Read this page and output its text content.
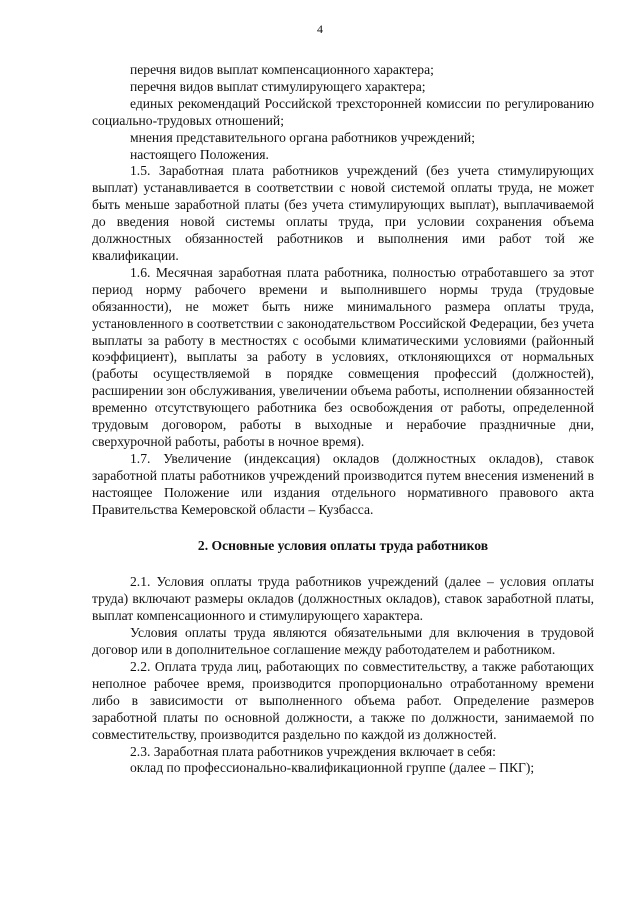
4

перечня видов выплат компенсационного характера;

перечня видов выплат стимулирующего характера;

единых рекомендаций Российской трехсторонней комиссии по регулированию социально-трудовых отношений;

мнения представительного органа работников учреждений;

настоящего Положения.

1.5. Заработная плата работников учреждений (без учета стимулирующих выплат) устанавливается в соответствии с новой системой оплаты труда, не может быть меньше заработной платы (без учета стимулирующих выплат), выплачиваемой до введения новой системы оплаты труда, при условии сохранения объема должностных обязанностей работников и выполнения ими работ той же квалификации.

1.6. Месячная заработная плата работника, полностью отработавшего за этот период норму рабочего времени и выполнившего нормы труда (трудовые обязанности), не может быть ниже минимального размера оплаты труда, установленного в соответствии с законодательством Российской Федерации, без учета выплаты за работу в местностях с особыми климатическими условиями (районный коэффициент), выплаты за работу в условиях, отклоняющихся от нормальных (работы осуществляемой в порядке совмещения профессий (должностей), расширении зон обслуживания, увеличении объема работы, исполнении обязанностей временно отсутствующего работника без освобождения от работы, определенной трудовым договором, работы в выходные и нерабочие праздничные дни, сверхурочной работы, работы в ночное время).

1.7. Увеличение (индексация) окладов (должностных окладов), ставок заработной платы работников учреждений производится путем внесения изменений в настоящее Положение или издания отдельного нормативного правового акта Правительства Кемеровской области – Кузбасса.

2. Основные условия оплаты труда работников

2.1. Условия оплаты труда работников учреждений (далее – условия оплаты труда) включают размеры окладов (должностных окладов), ставок заработной платы, выплат компенсационного и стимулирующего характера.

Условия оплаты труда являются обязательными для включения в трудовой договор или в дополнительное соглашение между работодателем и работником.

2.2. Оплата труда лиц, работающих по совместительству, а также работающих неполное рабочее время, производится пропорционально отработанному времени либо в зависимости от выполненного объема работ. Определение размеров заработной платы по основной должности, а также по должности, занимаемой по совместительству, производится раздельно по каждой из должностей.

2.3. Заработная плата работников учреждения включает в себя:

оклад по профессионально-квалификационной группе (далее – ПКГ);
